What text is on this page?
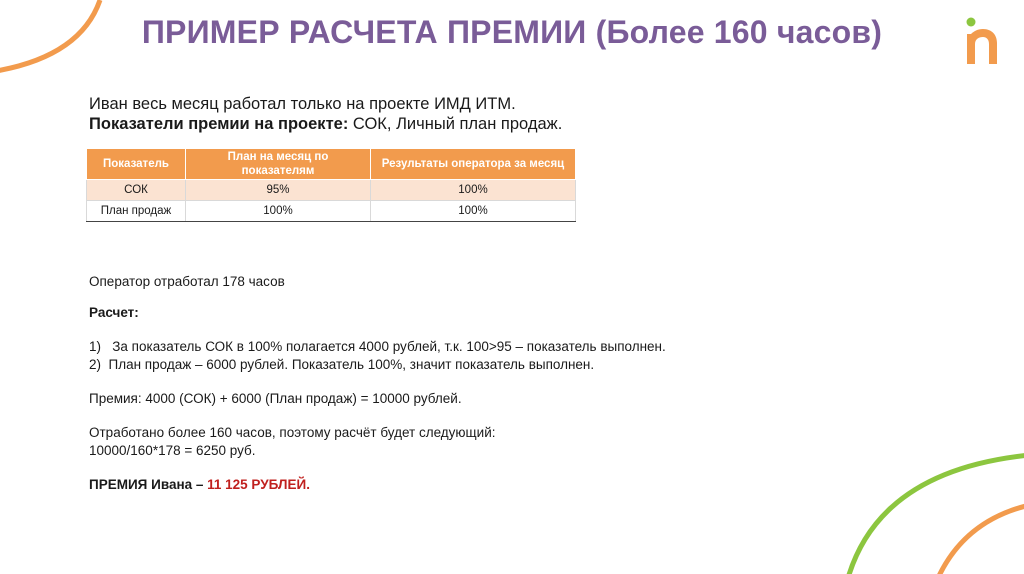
ПРИМЕР РАСЧЕТА ПРЕМИИ (Более 160 часов)
Иван весь месяц работал только на проекте ИМД ИТМ.
Показатели премии на проекте: СОК, Личный план продаж.
Показатель	План на месяц по показателям	Результаты оператора за месяц
СОК	95%	100%
План продаж	100%	100%
Оператор отработал 178 часов
Расчет:
1)   За показатель СОК в 100% полагается 4000 рублей, т.к. 100>95 – показатель выполнен.
2)  План продаж – 6000 рублей. Показатель 100%, значит показатель выполнен.
Премия: 4000 (СОК) + 6000 (План продаж) = 10000 рублей.
Отработано более 160 часов, поэтому расчёт будет следующий:
10000/160*178 = 6250 руб.
ПРЕМИЯ Ивана – 11 125 РУБЛЕЙ.
